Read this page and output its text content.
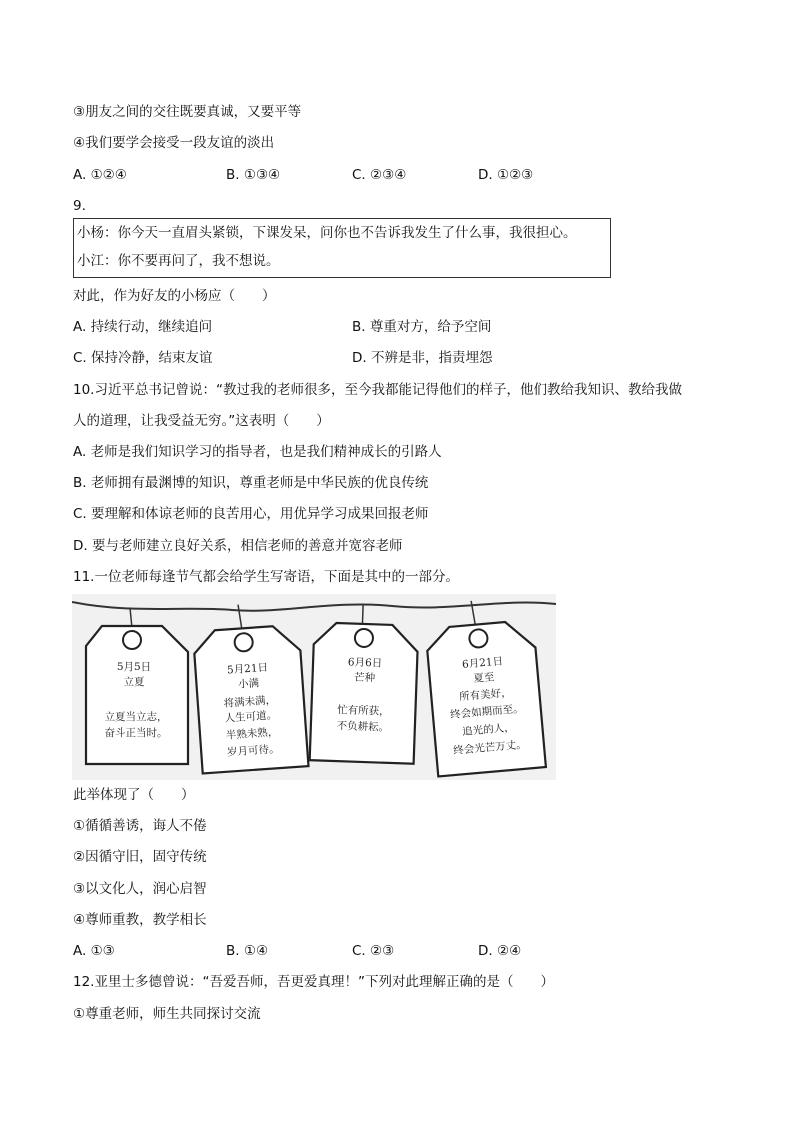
③朋友之间的交往既要真诚，又要平等
④我们要学会接受一段友谊的淡出
A. ①②④	B. ①③④	C. ②③④	D. ①②③
9.
小杨：你今天一直眉头紧锁，下课发呆，问你也不告诉我发生了什么事，我很担心。
小江：你不要再问了，我不想说。
对此，作为好友的小杨应（　　）
A. 持续行动，继续追问	B. 尊重对方，给予空间
C. 保持冷静，结束友谊	D. 不辨是非，指责埋怨
10.习近平总书记曾说：“教过我的老师很多，至今我都能记得他们的样子，他们教给我知识、教给我做
人的道理，让我受益无穷。”这表明（　　）
A. 老师是我们知识学习的指导者，也是我们精神成长的引路人
B. 老师拥有最渊博的知识，尊重老师是中华民族的优良传统
C. 要理解和体谅老师的良苦用心，用优异学习成果回报老师
D. 要与老师建立良好关系，相信老师的善意并宽容老师
11.一位老师每逢节气都会给学生写寄语，下面是其中的一部分。
5月5日
立夏
立夏当立志，
奋斗正当时。
5月21日
小满
将满未满，
人生可道。
半熟未熟，
岁月可待。
6月6日
芒种
忙有所获，
不负耕耘。
6月21日
夏至
所有美好，
终会如期而至。
追光的人，
终会光芒万丈。
此举体现了（　　）
①循循善诱，诲人不倦
②因循守旧，固守传统
③以文化人，润心启智
④尊师重教，教学相长
A. ①③	B. ①④	C. ②③	D. ②④
12.亚里士多德曾说：“吾爱吾师，吾更爱真理！”下列对此理解正确的是（　　）
①尊重老师，师生共同探讨交流
